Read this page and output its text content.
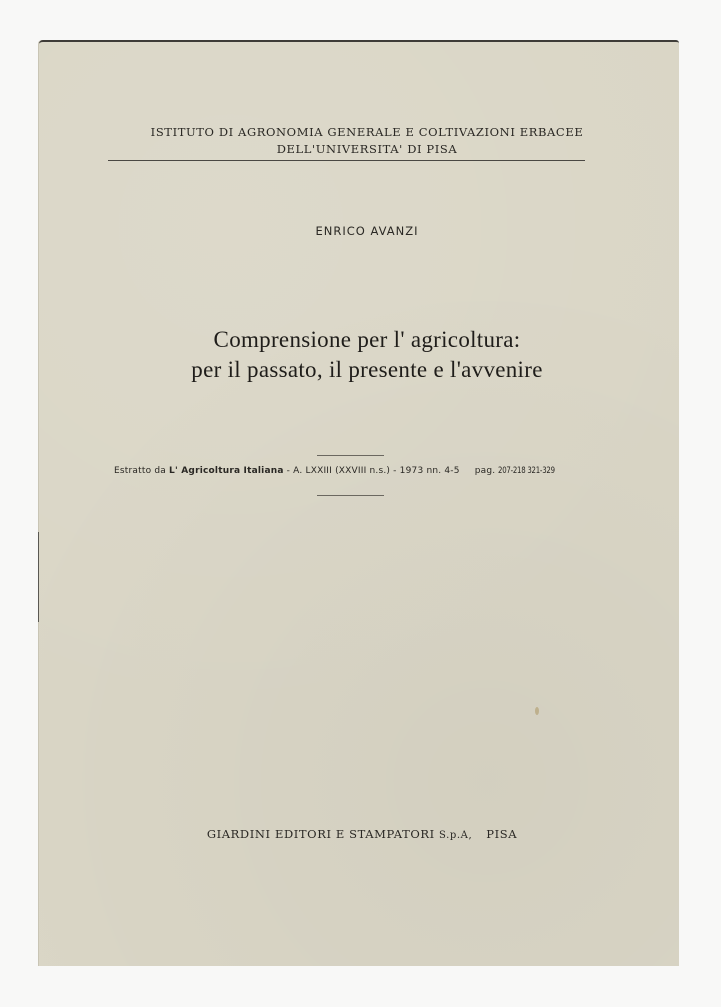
ISTITUTO DI AGRONOMIA GENERALE E COLTIVAZIONI ERBACEE
DELL'UNIVERSITA' DI PISA
ENRICO AVANZI
Comprensione per l' agricoltura:
per il passato, il presente e l'avvenire
Estratto da L' Agricoltura Italiana - A. LXXIII (XXVIII n.s.) - 1973 nn. 4-5 pag. 207-218 321-329
GIARDINI EDITORI E STAMPATORI S.p.A, PISA
